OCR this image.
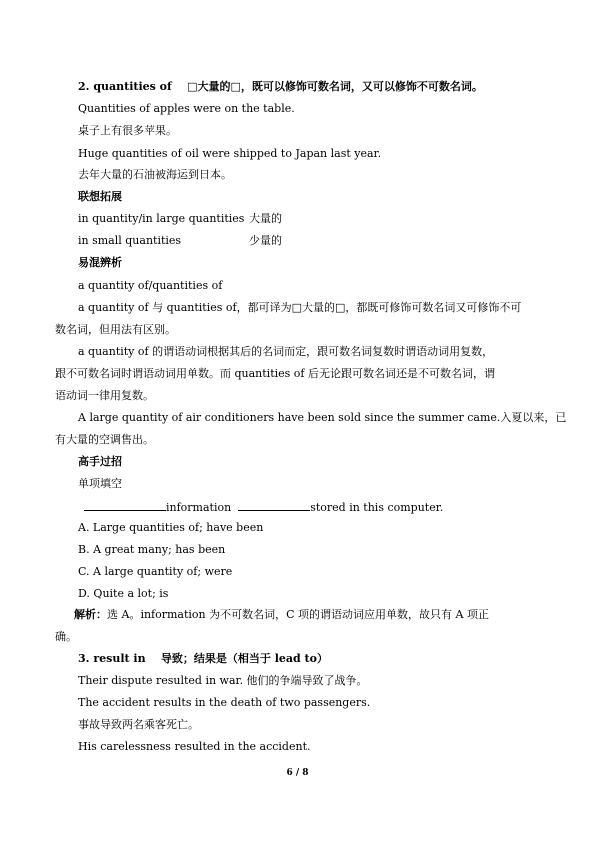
2. quantities of □大量的□，既可以修饰可数名词，又可以修饰不可数名词。
Quantities of apples were on the table.
桌子上有很多苹果。
Huge quantities of oil were shipped to Japan last year.
去年大量的石油被海运到日本。
联想拓展
in quantity/in large quantities 大量的
in small quantities	少量的
易混辨析
a quantity of/quantities of
a quantity of 与 quantities of，都可译为□大量的□，都既可修饰可数名词又可修饰不可
数名词，但用法有区别。
a quantity of 的谓语动词根据其后的名词而定，跟可数名词复数时谓语动词用复数，
跟不可数名词时谓语动词用单数。而 quantities of 后无论跟可数名词还是不可数名词，谓
语动词一律用复数。
A large quantity of air conditioners have been sold since the summer came.入夏以来，已
有大量的空调售出。
高手过招
单项填空
information	stored in this computer.
A. Large quantities of; have been
B. A great many; has been
C. A large quantity of; were
D. Quite a lot; is
解析：选 A。information 为不可数名词，C 项的谓语动词应用单数，故只有 A 项正
确。
3. result in 导致；结果是（相当于 lead to）
Their dispute resulted in war. 他们的争端导致了战争。
The accident results in the death of two passengers.
事故导致两名乘客死亡。
His carelessness resulted in the accident.
6 / 8
